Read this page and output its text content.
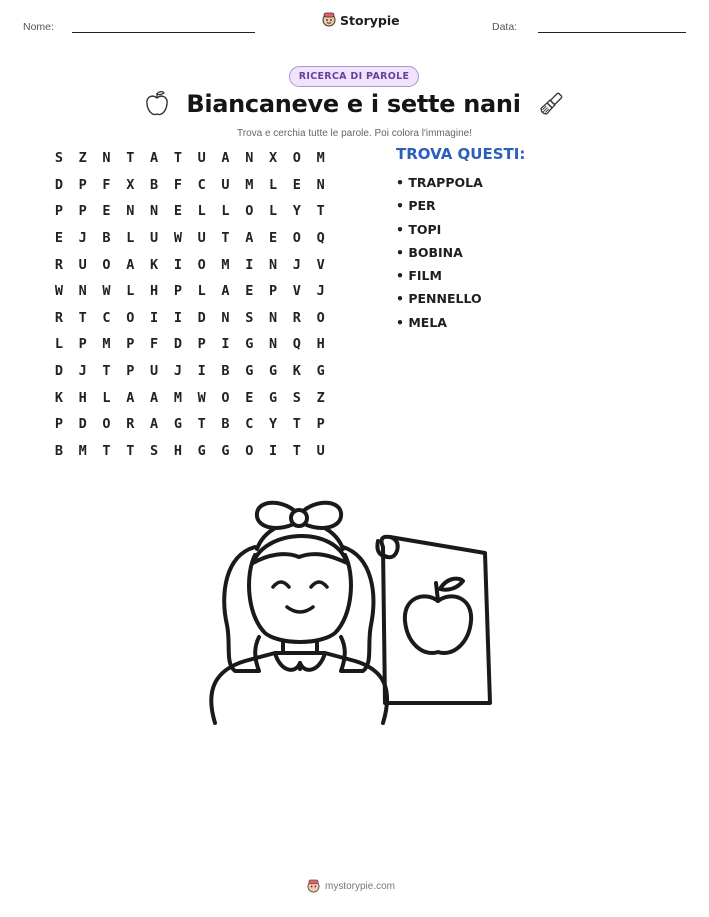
Nome:	Storypie	Data:
RICERCA DI PAROLE
Biancaneve e i sette nani
Trova e cerchia tutte le parole. Poi colora l'immagine!
S	Z	N	T	A	T	U	A	N	X	O	M
D	P	F	X	B	F	C	U	M	L	E	N
P	P	E	N	N	E	L	L	O	L	Y	T
E	J	B	L	U	W	U	T	A	E	O	Q
R	U	O	A	K	I	O	M	I	N	J	V
W	N	W	L	H	P	L	A	E	P	V	J
R	T	C	O	I	I	D	N	S	N	R	O
L	P	M	P	F	D	P	I	G	N	Q	H
D	J	T	P	U	J	I	B	G	G	K	G
K	H	L	A	A	M	W	O	E	G	S	Z
P	D	O	R	A	G	T	B	C	Y	T	P
B	M	T	T	S	H	G	G	O	I	T	U
TROVA QUESTI:
• TRAPPOLA
• PER
• TOPI
• BOBINA
• FILM
• PENNELLO
• MELA
mystorypie.com
